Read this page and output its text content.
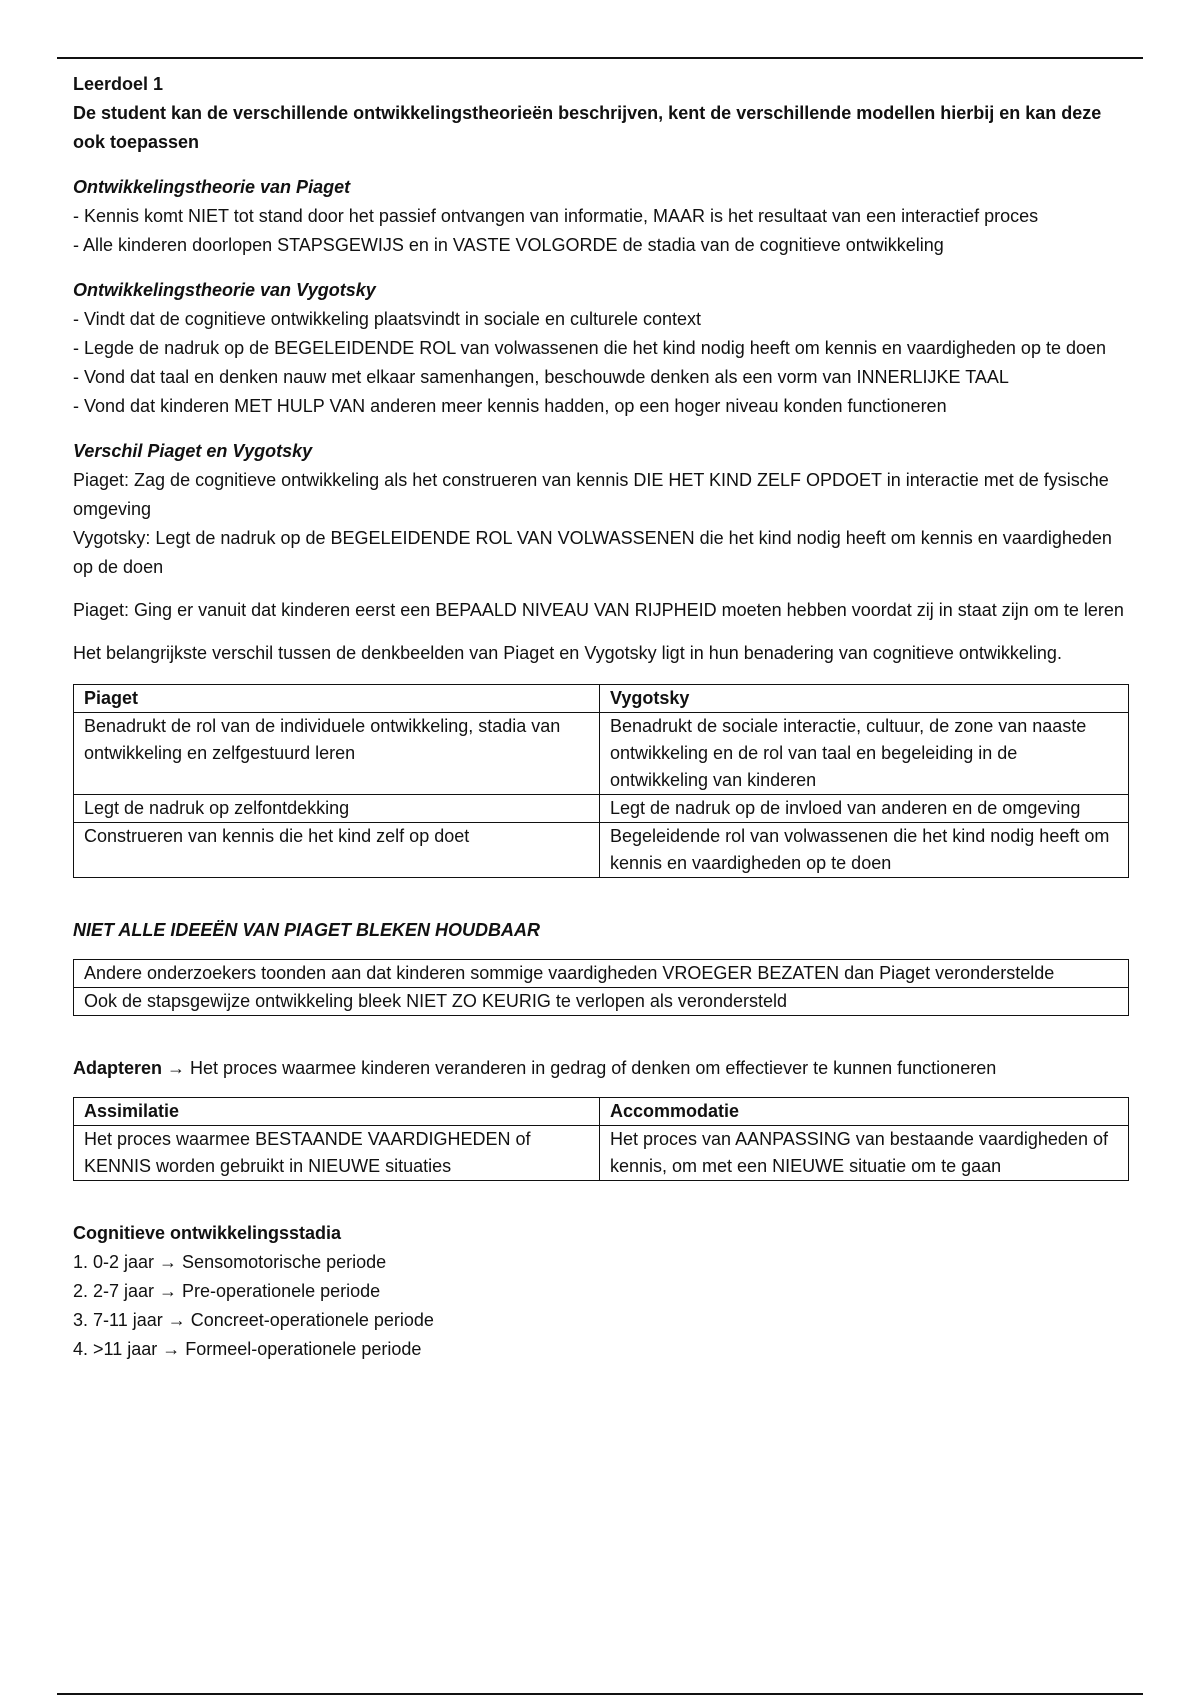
Leerdoel 1

De student kan de verschillende ontwikkelingstheorieën beschrijven, kent de verschillende modellen hierbij en kan deze ook toepassen

Ontwikkelingstheorie van Piaget

- Kennis komt NIET tot stand door het passief ontvangen van informatie, MAAR is het resultaat van een interactief proces

- Alle kinderen doorlopen STAPSGEWIJS en in VASTE VOLGORDE de stadia van de cognitieve ontwikkeling

Ontwikkelingstheorie van Vygotsky

- Vindt dat de cognitieve ontwikkeling plaatsvindt in sociale en culturele context

- Legde de nadruk op de BEGELEIDENDE ROL van volwassenen die het kind nodig heeft om kennis en vaardigheden op te doen

- Vond dat taal en denken nauw met elkaar samenhangen, beschouwde denken als een vorm van INNERLIJKE TAAL

- Vond dat kinderen MET HULP VAN anderen meer kennis hadden, op een hoger niveau konden functioneren

Verschil Piaget en Vygotsky

Piaget: Zag de cognitieve ontwikkeling als het construeren van kennis DIE HET KIND ZELF OPDOET in interactie met de fysische omgeving

Vygotsky: Legt de nadruk op de BEGELEIDENDE ROL VAN VOLWASSENEN die het kind nodig heeft om kennis en vaardigheden op de doen

Piaget: Ging er vanuit dat kinderen eerst een BEPAALD NIVEAU VAN RIJPHEID moeten hebben voordat zij in staat zijn om te leren

Het belangrijkste verschil tussen de denkbeelden van Piaget en Vygotsky ligt in hun benadering van cognitieve ontwikkeling.

Piaget	Vygotsky
Benadrukt de rol van de individuele ontwikkeling, stadia van ontwikkeling en zelfgestuurd leren	Benadrukt de sociale interactie, cultuur, de zone van naaste ontwikkeling en de rol van taal en begeleiding in de ontwikkeling van kinderen
Legt de nadruk op zelfontdekking	Legt de nadruk op de invloed van anderen en de omgeving
Construeren van kennis die het kind zelf op doet	Begeleidende rol van volwassenen die het kind nodig heeft om kennis en vaardigheden op te doen

NIET ALLE IDEEËN VAN PIAGET BLEKEN HOUDBAAR

Andere onderzoekers toonden aan dat kinderen sommige vaardigheden VROEGER BEZATEN dan Piaget veronderstelde
Ook de stapsgewijze ontwikkeling bleek NIET ZO KEURIG te verlopen als verondersteld

Adapteren → Het proces waarmee kinderen veranderen in gedrag of denken om effectiever te kunnen functioneren

Assimilatie	Accommodatie
Het proces waarmee BESTAANDE VAARDIGHEDEN of KENNIS worden gebruikt in NIEUWE situaties	Het proces van AANPASSING van bestaande vaardigheden of kennis, om met een NIEUWE situatie om te gaan

Cognitieve ontwikkelingsstadia

1. 0-2 jaar → Sensomotorische periode

2. 2-7 jaar → Pre-operationele periode

3. 7-11 jaar → Concreet-operationele periode

4. >11 jaar → Formeel-operationele periode
